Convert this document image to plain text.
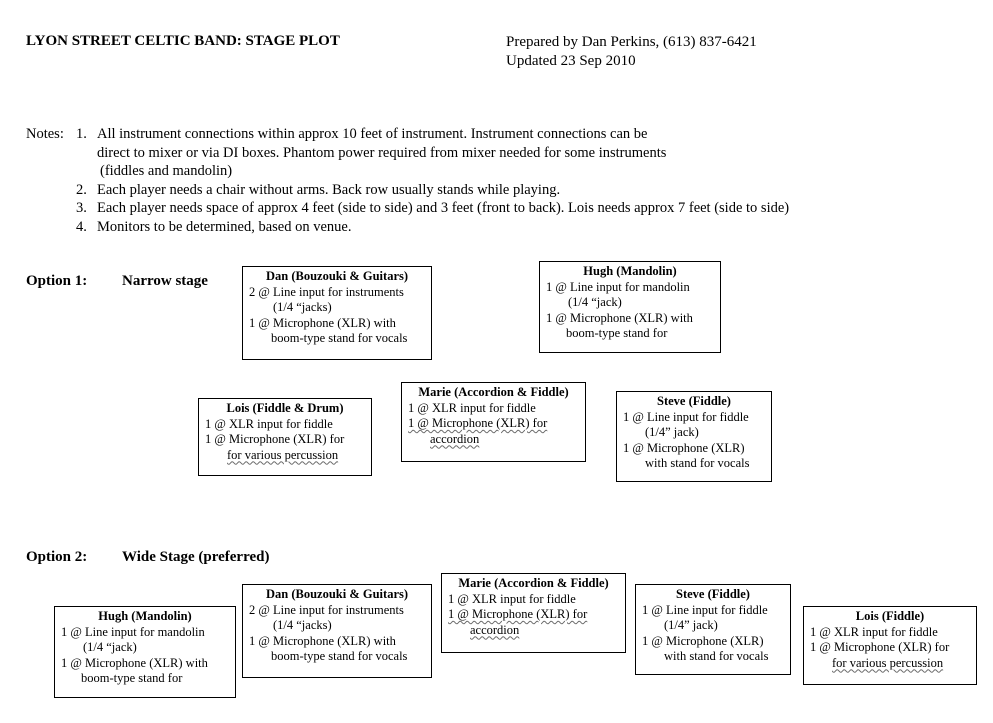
LYON STREET CELTIC BAND: STAGE PLOT	Prepared by Dan Perkins, (613) 837-6421
Updated 23 Sep 2010
Notes: 1. All instrument connections within approx 10 feet of instrument. Instrument connections can be
direct to mixer or via DI boxes. Phantom power required from mixer needed for some instruments
(fiddles and mandolin)
2. Each player needs a chair without arms. Back row usually stands while playing.
3. Each player needs space of approx 4 feet (side to side) and 3 feet (front to back). Lois needs approx 7 feet (side to side)
4. Monitors to be determined, based on venue.
Option 1: Narrow stage	Dan (Bouzouki & Guitars)
2 @ Line input for instruments
(1/4 “jacks)
1 @ Microphone (XLR) with
boom-type stand for vocals
Hugh (Mandolin)
1 @ Line input for mandolin
(1/4 “jack)
1 @ Microphone (XLR) with
boom-type stand for
Lois (Fiddle & Drum)
1 @ XLR input for fiddle
1 @ Microphone (XLR) for
for various percussion
Marie (Accordion & Fiddle)
1 @ XLR input for fiddle
1 @ Microphone (XLR) for
accordion
Steve (Fiddle)
1 @ Line input for fiddle
(1/4” jack)
1 @ Microphone (XLR)
with stand for vocals
Option 2: Wide Stage (preferred)
Hugh (Mandolin)
1 @ Line input for mandolin
(1/4 “jack)
1 @ Microphone (XLR) with
boom-type stand for
Dan (Bouzouki & Guitars)
2 @ Line input for instruments
(1/4 “jacks)
1 @ Microphone (XLR) with
boom-type stand for vocals
Marie (Accordion & Fiddle)
1 @ XLR input for fiddle
1 @ Microphone (XLR) for
accordion
Steve (Fiddle)
1 @ Line input for fiddle
(1/4” jack)
1 @ Microphone (XLR)
with stand for vocals
Lois (Fiddle)
1 @ XLR input for fiddle
1 @ Microphone (XLR) for
for various percussion
